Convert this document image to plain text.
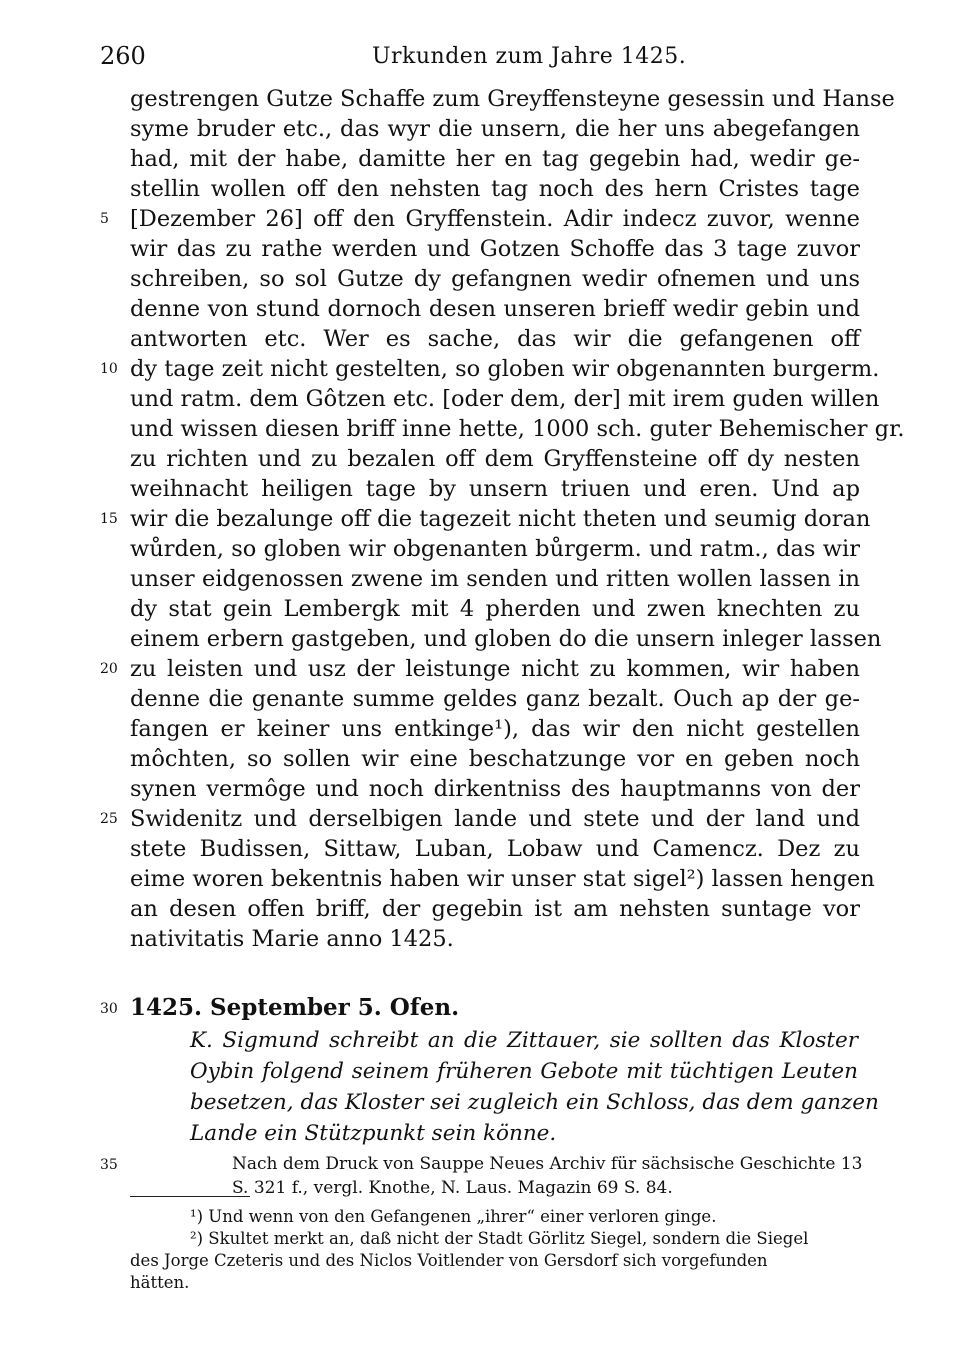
260	Urkunden zum Jahre 1425.
gestrengen Gutze Schaffe zum Greyffensteyne gesessin und Hanse
syme bruder etc., das wyr die unsern, die her uns abegefangen
had, mit der habe, damitte her en tag gegebin had, wedir ge-
stellin wollen off den nehsten tag noch des hern Cristes tage
[Dezember 26] off den Gryffenstein. Adir indecz zuvor, wenne
5
wir das zu rathe werden und Gotzen Schoffe das 3 tage zuvor
schreiben, so sol Gutze dy gefangnen wedir ofnemen und uns
denne von stund dornoch desen unseren brieff wedir gebin und
antworten etc. Wer es sache, das wir die gefangenen off
dy tage zeit nicht gestelten, so globen wir obgenannten burgerm.
10
und ratm. dem Gôtzen etc. [oder dem, der] mit irem guden willen
und wissen diesen briff inne hette, 1000 sch. guter Behemischer gr.
zu richten und zu bezalen off dem Gryffensteine off dy nesten
weihnacht heiligen tage by unsern triuen und eren. Und ap
wir die bezalunge off die tagezeit nicht theten und seumig doran
15
wůrden, so globen wir obgenanten bůrgerm. und ratm., das wir
unser eidgenossen zwene im senden und ritten wollen lassen in
dy stat gein Lembergk mit 4 pherden und zwen knechten zu
einem erbern gastgeben, und globen do die unsern inleger lassen
zu leisten und usz der leistunge nicht zu kommen, wir haben
20
denne die genante summe geldes ganz bezalt. Ouch ap der ge-
fangen er keiner uns entkinge¹), das wir den nicht gestellen
môchten, so sollen wir eine beschatzunge vor en geben noch
synen vermôge und noch dirkentniss des hauptmanns von der
Swidenitz und derselbigen lande und stete und der land und
25
stete Budissen, Sittaw, Luban, Lobaw und Camencz. Dez zu
eime woren bekentnis haben wir unser stat sigel²) lassen hengen
an desen offen briff, der gegebin ist am nehsten suntage vor
nativitatis Marie anno 1425.
30 1425. September 5. Ofen.
K. Sigmund schreibt an die Zittauer, sie sollten das Kloster
Oybin folgend seinem früheren Gebote mit tüchtigen Leuten
besetzen, das Kloster sei zugleich ein Schloss, das dem ganzen
Lande ein Stützpunkt sein könne.
35	Nach dem Druck von Sauppe Neues Archiv für sächsische Geschichte 13
S. 321 f., vergl. Knothe, N. Laus. Magazin 69 S. 84.
¹) Und wenn von den Gefangenen „ihrer“ einer verloren ginge.
²) Skultet merkt an, daß nicht der Stadt Görlitz Siegel, sondern die Siegel
des Jorge Czeteris und des Niclos Voitlender von Gersdorf sich vorgefunden
hätten.
